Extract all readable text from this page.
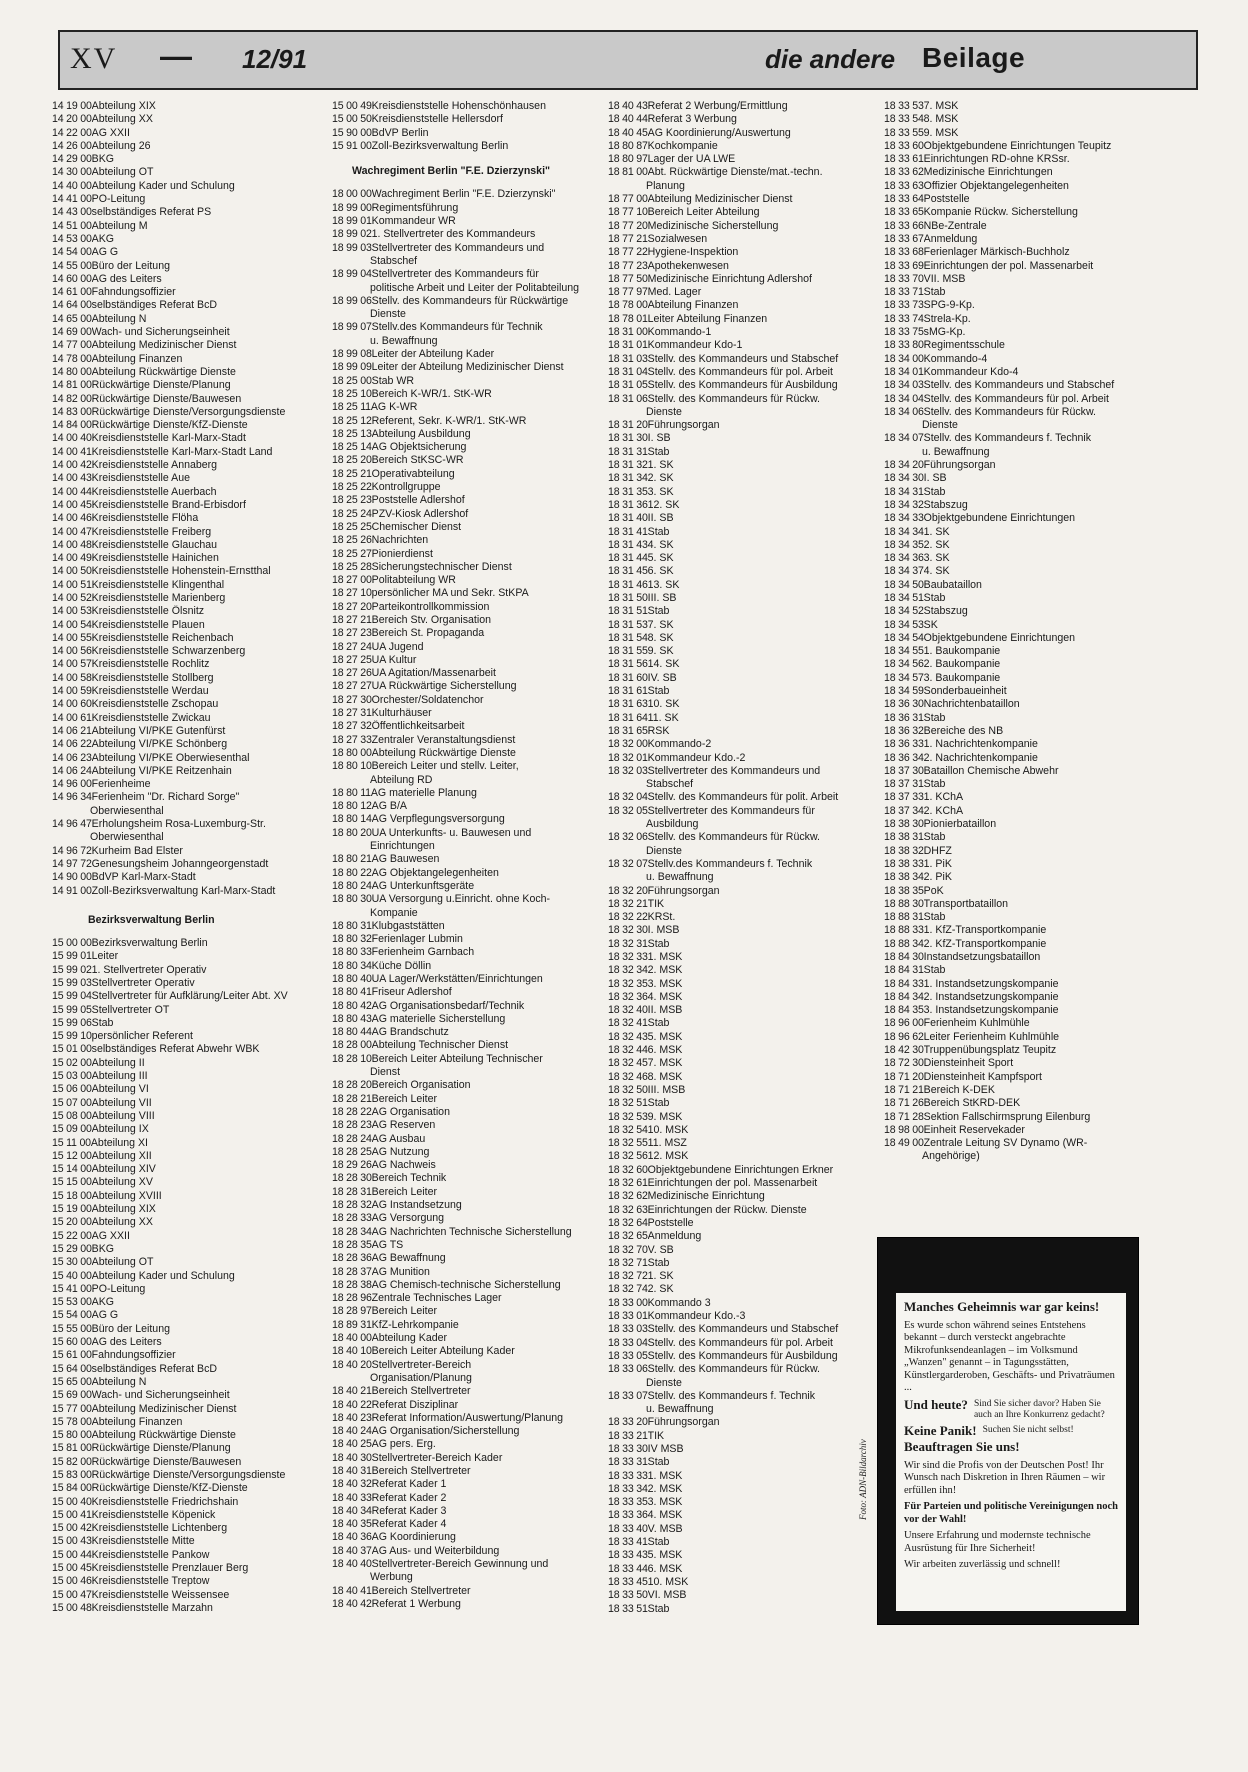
XV — 12/91	die andere Beilage
14 19 00 Abteilung XIX
14 20 00 Abteilung XX
14 22 00 AG XXII
14 26 00 Abteilung 26
14 29 00 BKG
14 30 00 Abteilung OT
14 40 00 Abteilung Kader und Schulung
14 41 00 PO-Leitung
14 43 00 selbständiges Referat PS
14 51 00 Abteilung M
14 53 00 AKG
14 54 00 AG G
14 55 00 Büro der Leitung
14 60 00 AG des Leiters
14 61 00 Fahndungsoffizier
14 64 00 selbständiges Referat BcD
14 65 00 Abteilung N
14 69 00 Wach- und Sicherungseinheit
14 77 00 Abteilung Medizinischer Dienst
14 78 00 Abteilung Finanzen
14 80 00 Abteilung Rückwärtige Dienste
14 81 00 Rückwärtige Dienste/Planung
14 82 00 Rückwärtige Dienste/Bauwesen
14 83 00 Rückwärtige Dienste/Versorgungsdienste
14 84 00 Rückwärtige Dienste/KfZ-Dienste
14 00 40 Kreisdienststelle Karl-Marx-Stadt
14 00 41 Kreisdienststelle Karl-Marx-Stadt Land
14 00 42 Kreisdienststelle Annaberg
14 00 43 Kreisdienststelle Aue
14 00 44 Kreisdienststelle Auerbach
14 00 45 Kreisdienststelle Brand-Erbisdorf
14 00 46 Kreisdienststelle Flöha
14 00 47 Kreisdienststelle Freiberg
14 00 48 Kreisdienststelle Glauchau
14 00 49 Kreisdienststelle Hainichen
14 00 50 Kreisdienststelle Hohenstein-Ernstthal
14 00 51 Kreisdienststelle Klingenthal
14 00 52 Kreisdienststelle Marienberg
14 00 53 Kreisdienststelle Ölsnitz
14 00 54 Kreisdienststelle Plauen
14 00 55 Kreisdienststelle Reichenbach
14 00 56 Kreisdienststelle Schwarzenberg
14 00 57 Kreisdienststelle Rochlitz
14 00 58 Kreisdienststelle Stollberg
14 00 59 Kreisdienststelle Werdau
14 00 60 Kreisdienststelle Zschopau
14 00 61 Kreisdienststelle Zwickau
14 06 21 Abteilung VI/PKE Gutenfürst
14 06 22 Abteilung VI/PKE Schönberg
14 06 23 Abteilung VI/PKE Oberwiesenthal
14 06 24 Abteilung VI/PKE Reitzenhain
14 96 00 Ferienheime
14 96 34 Ferienheim "Dr. Richard Sorge"
Oberwiesenthal
14 96 47 Erholungsheim Rosa-Luxemburg-Str.
Oberwiesenthal
14 96 72 Kurheim Bad Elster
14 97 72 Genesungsheim Johanngeorgenstadt
14 90 00 BdVP Karl-Marx-Stadt
14 91 00 Zoll-Bezirksverwaltung Karl-Marx-Stadt
Bezirksverwaltung Berlin
15 00 00 Bezirksverwaltung Berlin
15 99 01 Leiter
15 99 02 1. Stellvertreter Operativ
15 99 03 Stellvertreter Operativ
15 99 04 Stellvertreter für Aufklärung/Leiter Abt. XV
15 99 05 Stellvertreter OT
15 99 06 Stab
15 99 10 persönlicher Referent
15 01 00 selbständiges Referat Abwehr WBK
15 02 00 Abteilung II
15 03 00 Abteilung III
15 06 00 Abteilung VI
15 07 00 Abteilung VII
15 08 00 Abteilung VIII
15 09 00 Abteilung IX
15 11 00 Abteilung XI
15 12 00 Abteilung XII
15 14 00 Abteilung XIV
15 15 00 Abteilung XV
15 18 00 Abteilung XVIII
15 19 00 Abteilung XIX
15 20 00 Abteilung XX
15 22 00 AG XXII
15 29 00 BKG
15 30 00 Abteilung OT
15 40 00 Abteilung Kader und Schulung
15 41 00 PO-Leitung
15 53 00 AKG
15 54 00 AG G
15 55 00 Büro der Leitung
15 60 00 AG des Leiters
15 61 00 Fahndungsoffizier
15 64 00 selbständiges Referat BcD
15 65 00 Abteilung N
15 69 00 Wach- und Sicherungseinheit
15 77 00 Abteilung Medizinischer Dienst
15 78 00 Abteilung Finanzen
15 80 00 Abteilung Rückwärtige Dienste
15 81 00 Rückwärtige Dienste/Planung
15 82 00 Rückwärtige Dienste/Bauwesen
15 83 00 Rückwärtige Dienste/Versorgungsdienste
15 84 00 Rückwärtige Dienste/KfZ-Dienste
15 00 40 Kreisdienststelle Friedrichshain
15 00 41 Kreisdienststelle Köpenick
15 00 42 Kreisdienststelle Lichtenberg
15 00 43 Kreisdienststelle Mitte
15 00 44 Kreisdienststelle Pankow
15 00 45 Kreisdienststelle Prenzlauer Berg
15 00 46 Kreisdienststelle Treptow
15 00 47 Kreisdienststelle Weissensee
15 00 48 Kreisdienststelle Marzahn
15 00 49 Kreisdienststelle Hohenschönhausen
15 00 50 Kreisdienststelle Hellersdorf
15 90 00 BdVP Berlin
15 91 00 Zoll-Bezirksverwaltung Berlin
Wachregiment Berlin "F.E. Dzierzynski"
18 00 00 Wachregiment Berlin "F.E. Dzierzynski"
18 99 00 Regimentsführung
18 99 01 Kommandeur WR
18 99 02 1. Stellvertreter des Kommandeurs
18 99 03 Stellvertreter des Kommandeurs und
Stabschef
18 99 04 Stellvertreter des Kommandeurs für
politische Arbeit und Leiter der Politabteilung
18 99 06 Stellv. des Kommandeurs für Rückwärtige
Dienste
18 99 07 Stellv.des Kommandeurs für Technik
u. Bewaffnung
18 99 08 Leiter der Abteilung Kader
18 99 09 Leiter der Abteilung Medizinischer Dienst
18 25 00 Stab WR
18 25 10 Bereich K-WR/1. StK-WR
18 25 11 AG K-WR
18 25 12 Referent, Sekr. K-WR/1. StK-WR
18 25 13 Abteilung Ausbildung
18 25 14 AG Objektsicherung
18 25 20 Bereich StKSC-WR
18 25 21 Operativabteilung
18 25 22 Kontrollgruppe
18 25 23 Poststelle Adlershof
18 25 24 PZV-Kiosk Adlershof
18 25 25 Chemischer Dienst
18 25 26 Nachrichten
18 25 27 Pionierdienst
18 25 28 Sicherungstechnischer Dienst
18 27 00 Politabteilung WR
18 27 10 persönlicher MA und Sekr. StKPA
18 27 20 Parteikontrollkommission
18 27 21 Bereich Stv. Organisation
18 27 23 Bereich St. Propaganda
18 27 24 UA Jugend
18 27 25 UA Kultur
18 27 26 UA Agitation/Massenarbeit
18 27 27 UA Rückwärtige Sicherstellung
18 27 30 Orchester/Soldatenchor
18 27 31 Kulturhäuser
18 27 32 Öffentlichkeitsarbeit
18 27 33 Zentraler Veranstaltungsdienst
18 80 00 Abteilung Rückwärtige Dienste
18 80 10 Bereich Leiter und stellv. Leiter,
Abteilung RD
18 80 11 AG materielle Planung
18 80 12 AG B/A
18 80 14 AG Verpflegungsversorgung
18 80 20 UA Unterkunfts- u. Bauwesen und
Einrichtungen
18 80 21 AG Bauwesen
18 80 22 AG Objektangelegenheiten
18 80 24 AG Unterkunftsgeräte
18 80 30 UA Versorgung u.Einricht. ohne Koch-
Kompanie
18 80 31 Klubgaststätten
18 80 32 Ferienlager Lubmin
18 80 33 Ferienheim Garnbach
18 80 34 Küche Döllin
18 80 40 UA Lager/Werkstätten/Einrichtungen
18 80 41 Friseur Adlershof
18 80 42 AG Organisationsbedarf/Technik
18 80 43 AG materielle Sicherstellung
18 80 44 AG Brandschutz
18 28 00 Abteilung Technischer Dienst
18 28 10 Bereich Leiter Abteilung Technischer
Dienst
18 28 20 Bereich Organisation
18 28 21 Bereich Leiter
18 28 22 AG Organisation
18 28 23 AG Reserven
18 28 24 AG Ausbau
18 28 25 AG Nutzung
18 29 26 AG Nachweis
18 28 30 Bereich Technik
18 28 31 Bereich Leiter
18 28 32 AG Instandsetzung
18 28 33 AG Versorgung
18 28 34 AG Nachrichten Technische Sicherstellung
18 28 35 AG TS
18 28 36 AG Bewaffnung
18 28 37 AG Munition
18 28 38 AG Chemisch-technische Sicherstellung
18 28 96 Zentrale Technisches Lager
18 28 97 Bereich Leiter
18 89 31 KfZ-Lehrkompanie
18 40 00 Abteilung Kader
18 40 10 Bereich Leiter Abteilung Kader
18 40 20 Stellvertreter-Bereich
Organisation/Planung
18 40 21 Bereich Stellvertreter
18 40 22 Referat Disziplinar
18 40 23 Referat Information/Auswertung/Planung
18 40 24 AG Organisation/Sicherstellung
18 40 25 AG pers. Erg.
18 40 30 Stellvertreter-Bereich Kader
18 40 31 Bereich Stellvertreter
18 40 32 Referat Kader 1
18 40 33 Referat Kader 2
18 40 34 Referat Kader 3
18 40 35 Referat Kader 4
18 40 36 AG Koordinierung
18 40 37 AG Aus- und Weiterbildung
18 40 40 Stellvertreter-Bereich Gewinnung und
Werbung
18 40 41 Bereich Stellvertreter
18 40 42 Referat 1 Werbung
18 40 43 Referat 2 Werbung/Ermittlung
18 40 44 Referat 3 Werbung
18 40 45 AG Koordinierung/Auswertung
18 80 87 Kochkompanie
18 80 97 Lager der UA LWE
18 81 00 Abt. Rückwärtige Dienste/mat.-techn.
Planung
18 77 00 Abteilung Medizinischer Dienst
18 77 10 Bereich Leiter Abteilung
18 77 20 Medizinische Sicherstellung
18 77 21 Sozialwesen
18 77 22 Hygiene-Inspektion
18 77 23 Apothekenwesen
18 77 50 Medizinische Einrichtung Adlershof
18 77 97 Med. Lager
18 78 00 Abteilung Finanzen
18 78 01 Leiter Abteilung Finanzen
18 31 00 Kommando-1
18 31 01 Kommandeur Kdo-1
18 31 03 Stellv. des Kommandeurs und Stabschef
18 31 04 Stellv. des Kommandeurs für pol. Arbeit
18 31 05 Stellv. des Kommandeurs für Ausbildung
18 31 06 Stellv. des Kommandeurs für Rückw.
Dienste
18 31 20 Führungsorgan
18 31 30 I. SB
18 31 31 Stab
18 31 32 1. SK
18 31 34 2. SK
18 31 35 3. SK
18 31 36 12. SK
18 31 40 II. SB
18 31 41 Stab
18 31 43 4. SK
18 31 44 5. SK
18 31 45 6. SK
18 31 46 13. SK
18 31 50 III. SB
18 31 51 Stab
18 31 53 7. SK
18 31 54 8. SK
18 31 55 9. SK
18 31 56 14. SK
18 31 60 IV. SB
18 31 61 Stab
18 31 63 10. SK
18 31 64 11. SK
18 31 65 RSK
18 32 00 Kommando-2
18 32 01 Kommandeur Kdo.-2
18 32 03 Stellvertreter des Kommandeurs und
Stabschef
18 32 04 Stellv. des Kommandeurs für polit. Arbeit
18 32 05 Stellvertreter des Kommandeurs für
Ausbildung
18 32 06 Stellv. des Kommandeurs für Rückw.
Dienste
18 32 07 Stellv.des Kommandeurs f. Technik
u. Bewaffnung
18 32 20 Führungsorgan
18 32 21 TIK
18 32 22 KRSt.
18 32 30 I. MSB
18 32 31 Stab
18 32 33 1. MSK
18 32 34 2. MSK
18 32 35 3. MSK
18 32 36 4. MSK
18 32 40 II. MSB
18 32 41 Stab
18 32 43 5. MSK
18 32 44 6. MSK
18 32 45 7. MSK
18 32 46 8. MSK
18 32 50 III. MSB
18 32 51 Stab
18 32 53 9. MSK
18 32 54 10. MSK
18 32 55 11. MSZ
18 32 56 12. MSK
18 32 60 Objektgebundene Einrichtungen Erkner
18 32 61 Einrichtungen der pol. Massenarbeit
18 32 62 Medizinische Einrichtung
18 32 63 Einrichtungen der Rückw. Dienste
18 32 64 Poststelle
18 32 65 Anmeldung
18 32 70 V. SB
18 32 71 Stab
18 32 72 1. SK
18 32 74 2. SK
18 33 00 Kommando 3
18 33 01 Kommandeur Kdo.-3
18 33 03 Stellv. des Kommandeurs und Stabschef
18 33 04 Stellv. des Kommandeurs für pol. Arbeit
18 33 05 Stellv. des Kommandeurs für Ausbildung
18 33 06 Stellv. des Kommandeurs für Rückw.
Dienste
18 33 07 Stellv. des Kommandeurs f. Technik
u. Bewaffnung
18 33 20 Führungsorgan
18 33 21 TIK
18 33 30 IV MSB
18 33 31 Stab
18 33 33 1. MSK
18 33 34 2. MSK
18 33 35 3. MSK
18 33 36 4. MSK
18 33 40 V. MSB
18 33 41 Stab
18 33 43 5. MSK
18 33 44 6. MSK
18 33 45 10. MSK
18 33 50 VI. MSB
18 33 51 Stab
18 33 53 7. MSK
18 33 54 8. MSK
18 33 55 9. MSK
18 33 60 Objektgebundene Einrichtungen Teupitz
18 33 61 Einrichtungen RD-ohne KRSsr.
18 33 62 Medizinische Einrichtungen
18 33 63 Offizier Objektangelegenheiten
18 33 64 Poststelle
18 33 65 Kompanie Rückw. Sicherstellung
18 33 66 NBe-Zentrale
18 33 67 Anmeldung
18 33 68 Ferienlager Märkisch-Buchholz
18 33 69 Einrichtungen der pol. Massenarbeit
18 33 70 VII. MSB
18 33 71 Stab
18 33 73 SPG-9-Kp.
18 33 74 Strela-Kp.
18 33 75 sMG-Kp.
18 33 80 Regimentsschule
18 34 00 Kommando-4
18 34 01 Kommandeur Kdo-4
18 34 03 Stellv. des Kommandeurs und Stabschef
18 34 04 Stellv. des Kommandeurs für pol. Arbeit
18 34 06 Stellv. des Kommandeurs für Rückw.
Dienste
18 34 07 Stellv. des Kommandeurs f. Technik
u. Bewaffnung
18 34 20 Führungsorgan
18 34 30 I. SB
18 34 31 Stab
18 34 32 Stabszug
18 34 33 Objektgebundene Einrichtungen
18 34 34 1. SK
18 34 35 2. SK
18 34 36 3. SK
18 34 37 4. SK
18 34 50 Baubataillon
18 34 51 Stab
18 34 52 Stabszug
18 34 53 SK
18 34 54 Objektgebundene Einrichtungen
18 34 55 1. Baukompanie
18 34 56 2. Baukompanie
18 34 57 3. Baukompanie
18 34 59 Sonderbaueinheit
18 36 30 Nachrichtenbataillon
18 36 31 Stab
18 36 32 Bereiche des NB
18 36 33 1. Nachrichtenkompanie
18 36 34 2. Nachrichtenkompanie
18 37 30 Bataillon Chemische Abwehr
18 37 31 Stab
18 37 33 1. KChA
18 37 34 2. KChA
18 38 30 Pionierbataillon
18 38 31 Stab
18 38 32 DHFZ
18 38 33 1. PiK
18 38 34 2. PiK
18 38 35 PoK
18 88 30 Transportbataillon
18 88 31 Stab
18 88 33 1. KfZ-Transportkompanie
18 88 34 2. KfZ-Transportkompanie
18 84 30 Instandsetzungsbataillon
18 84 31 Stab
18 84 33 1. Instandsetzungskompanie
18 84 34 2. Instandsetzungskompanie
18 84 35 3. Instandsetzungskompanie
18 96 00 Ferienheim Kuhlmühle
18 96 62 Leiter Ferienheim Kuhlmühle
18 42 30 Truppenübungsplatz Teupitz
18 72 30 Diensteinheit Sport
18 71 20 Diensteinheit Kampfsport
18 71 21 Bereich K-DEK
18 71 26 Bereich StKRD-DEK
18 71 28 Sektion Fallschirmsprung Eilenburg
18 98 00 Einheit Reservekader
18 49 00 Zentrale Leitung SV Dynamo (WR-
Angehörige)
Manches Geheimnis war gar keins!
Es wurde schon während seines Entstehens bekannt – durch versteckt angebrachte Mikrofunksendeanlagen – im Volksmund „Wanzen" genannt – in Tagungsstätten, Künstlergarderoben, Geschäfts- und Privaträumen ...
Und heute? Sind Sie sicher davor? Haben Sie auch an Ihre Konkurrenz gedacht?
Keine Panik! Suchen Sie nicht selbst!
Beauftragen Sie uns!
Wir sind die Profis von der Deutschen Post! Ihr Wunsch nach Diskretion in Ihren Räumen – wir erfüllen ihn!
Für Parteien und politische Vereinigungen noch vor der Wahl!
Unsere Erfahrung und modernste technische Ausrüstung für Ihre Sicherheit!
Wir arbeiten zuverlässig und schnell!
Foto: ADN-Bildarchiv
